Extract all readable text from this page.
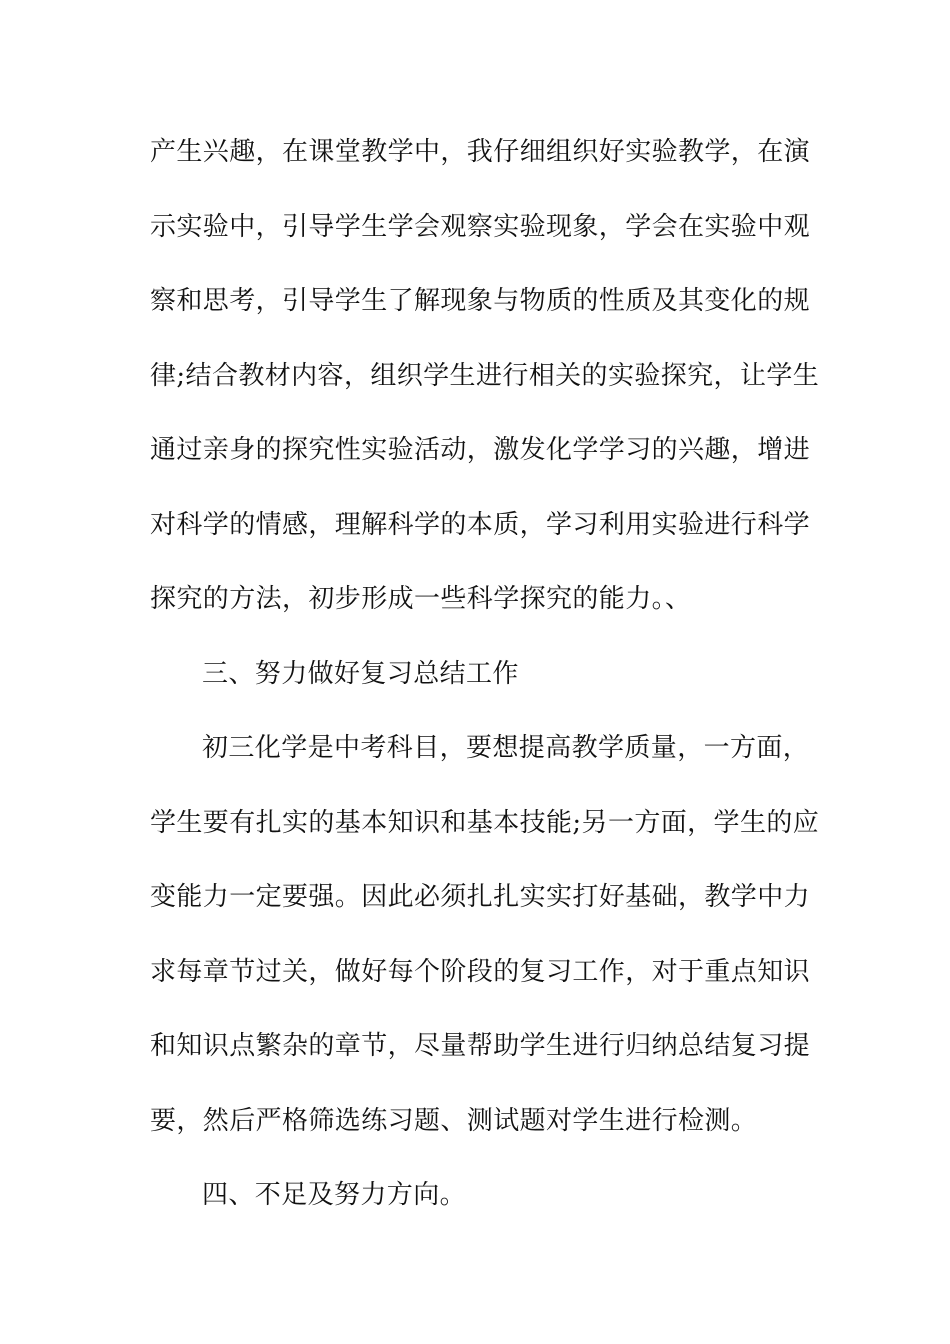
产生兴趣，在课堂教学中，我仔细组织好实验教学，在演
示实验中，引导学生学会观察实验现象，学会在实验中观
察和思考，引导学生了解现象与物质的性质及其变化的规
律;结合教材内容，组织学生进行相关的实验探究，让学生
通过亲身的探究性实验活动，激发化学学习的兴趣，增进
对科学的情感，理解科学的本质，学习利用实验进行科学
探究的方法，初步形成一些科学探究的能力。、
三、努力做好复习总结工作
初三化学是中考科目，要想提高教学质量，一方面，
学生要有扎实的基本知识和基本技能;另一方面，学生的应
变能力一定要强。因此必须扎扎实实打好基础，教学中力
求每章节过关，做好每个阶段的复习工作，对于重点知识
和知识点繁杂的章节，尽量帮助学生进行归纳总结复习提
要，然后严格筛选练习题、测试题对学生进行检测。
四、不足及努力方向。
